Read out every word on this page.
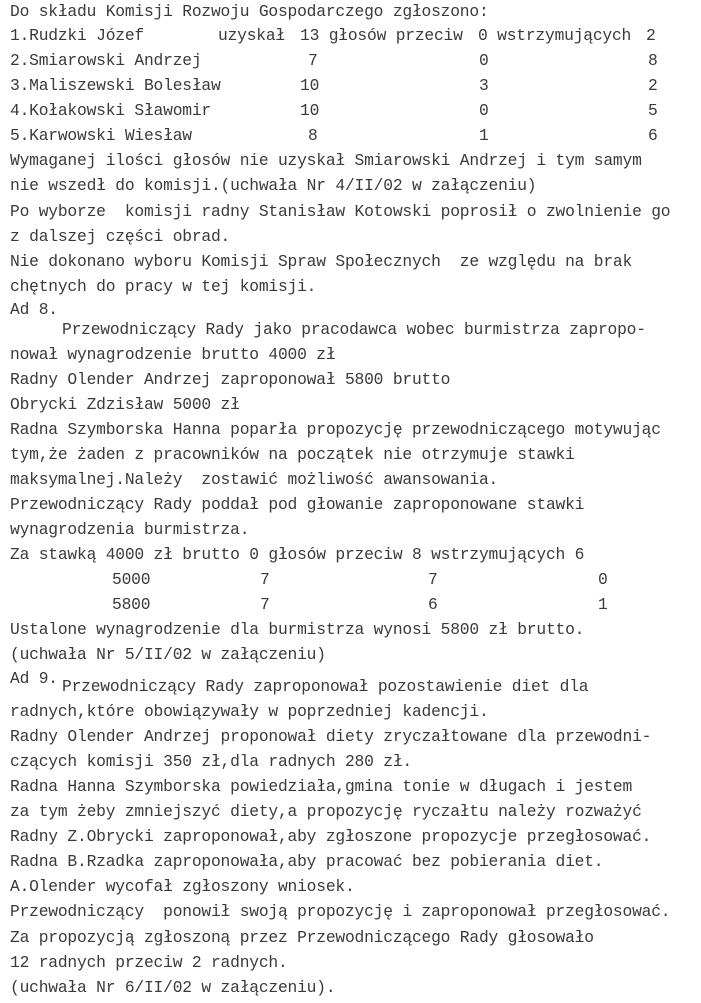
Do składu Komisji Rozwoju Gospodarczego zgłoszono:
1.Rudzki Józef	uzyskał 13 głosów przeciw 0 wstrzymujących 2
2.Smiarowski Andrzej	7	0	8
3.Maliszewski Bolesław	10	3	2
4.Kołakowski Sławomir	10	0	5
5.Karwowski Wiesław	8	1	6
Wymaganej ilości głosów nie uzyskał Smiarowski Andrzej i tym samym
nie wszedł do komisji.(uchwała Nr 4/II/02 w załączeniu)
Po wyborze  komisji radny Stanisław Kotowski poprosił o zwolnienie go
z dalszej części obrad.
Nie dokonano wyboru Komisji Spraw Społecznych  ze względu na brak
chętnych do pracy w tej komisji.
Ad 8.
Przewodniczący Rady jako pracodawca wobec burmistrza zapropo-
nował wynagrodzenie brutto 4000 zł
Radny Olender Andrzej zaproponował 5800 brutto
Obrycki Zdzisław 5000 zł
Radna Szymborska Hanna poparła propozycję przewodniczącego motywując
tym,że żaden z pracowników na początek nie otrzymuje stawki
maksymalnej.Należy  zostawić możliwość awansowania.
Przewodniczący Rady poddał pod głowanie zaproponowane stawki
wynagrodzenia burmistrza.
Za stawką 4000 zł brutto 0 głosów przeciw 8 wstrzymujących 6
5000	7	7	0
5800	7	6	1
Ustalone wynagrodzenie dla burmistrza wynosi 5800 zł brutto.
(uchwała Nr 5/II/02 w załączeniu)
Ad 9. Przewodniczący Rady zaproponował pozostawienie diet dla
radnych,które obowiązywały w poprzedniej kadencji.
Radny Olender Andrzej proponował diety zryczałtowane dla przewodni-
czących komisji 350 zł,dla radnych 280 zł.
Radna Hanna Szymborska powiedziała,gmina tonie w długach i jestem
za tym żeby zmniejszyć diety,a propozycję ryczałtu należy rozważyć
Radny Z.Obrycki zaproponował,aby zgłoszone propozycje przegłosować.
Radna B.Rzadka zaproponowała,aby pracować bez pobierania diet.
A.Olender wycofał zgłoszony wniosek.
Przewodniczący  ponowił swoją propozycję i zaproponował przegłosować.
Za propozycją zgłoszoną przez Przewodniczącego Rady głosowało
12 radnych przeciw 2 radnych.
(uchwała Nr 6/II/02 w załączeniu).
